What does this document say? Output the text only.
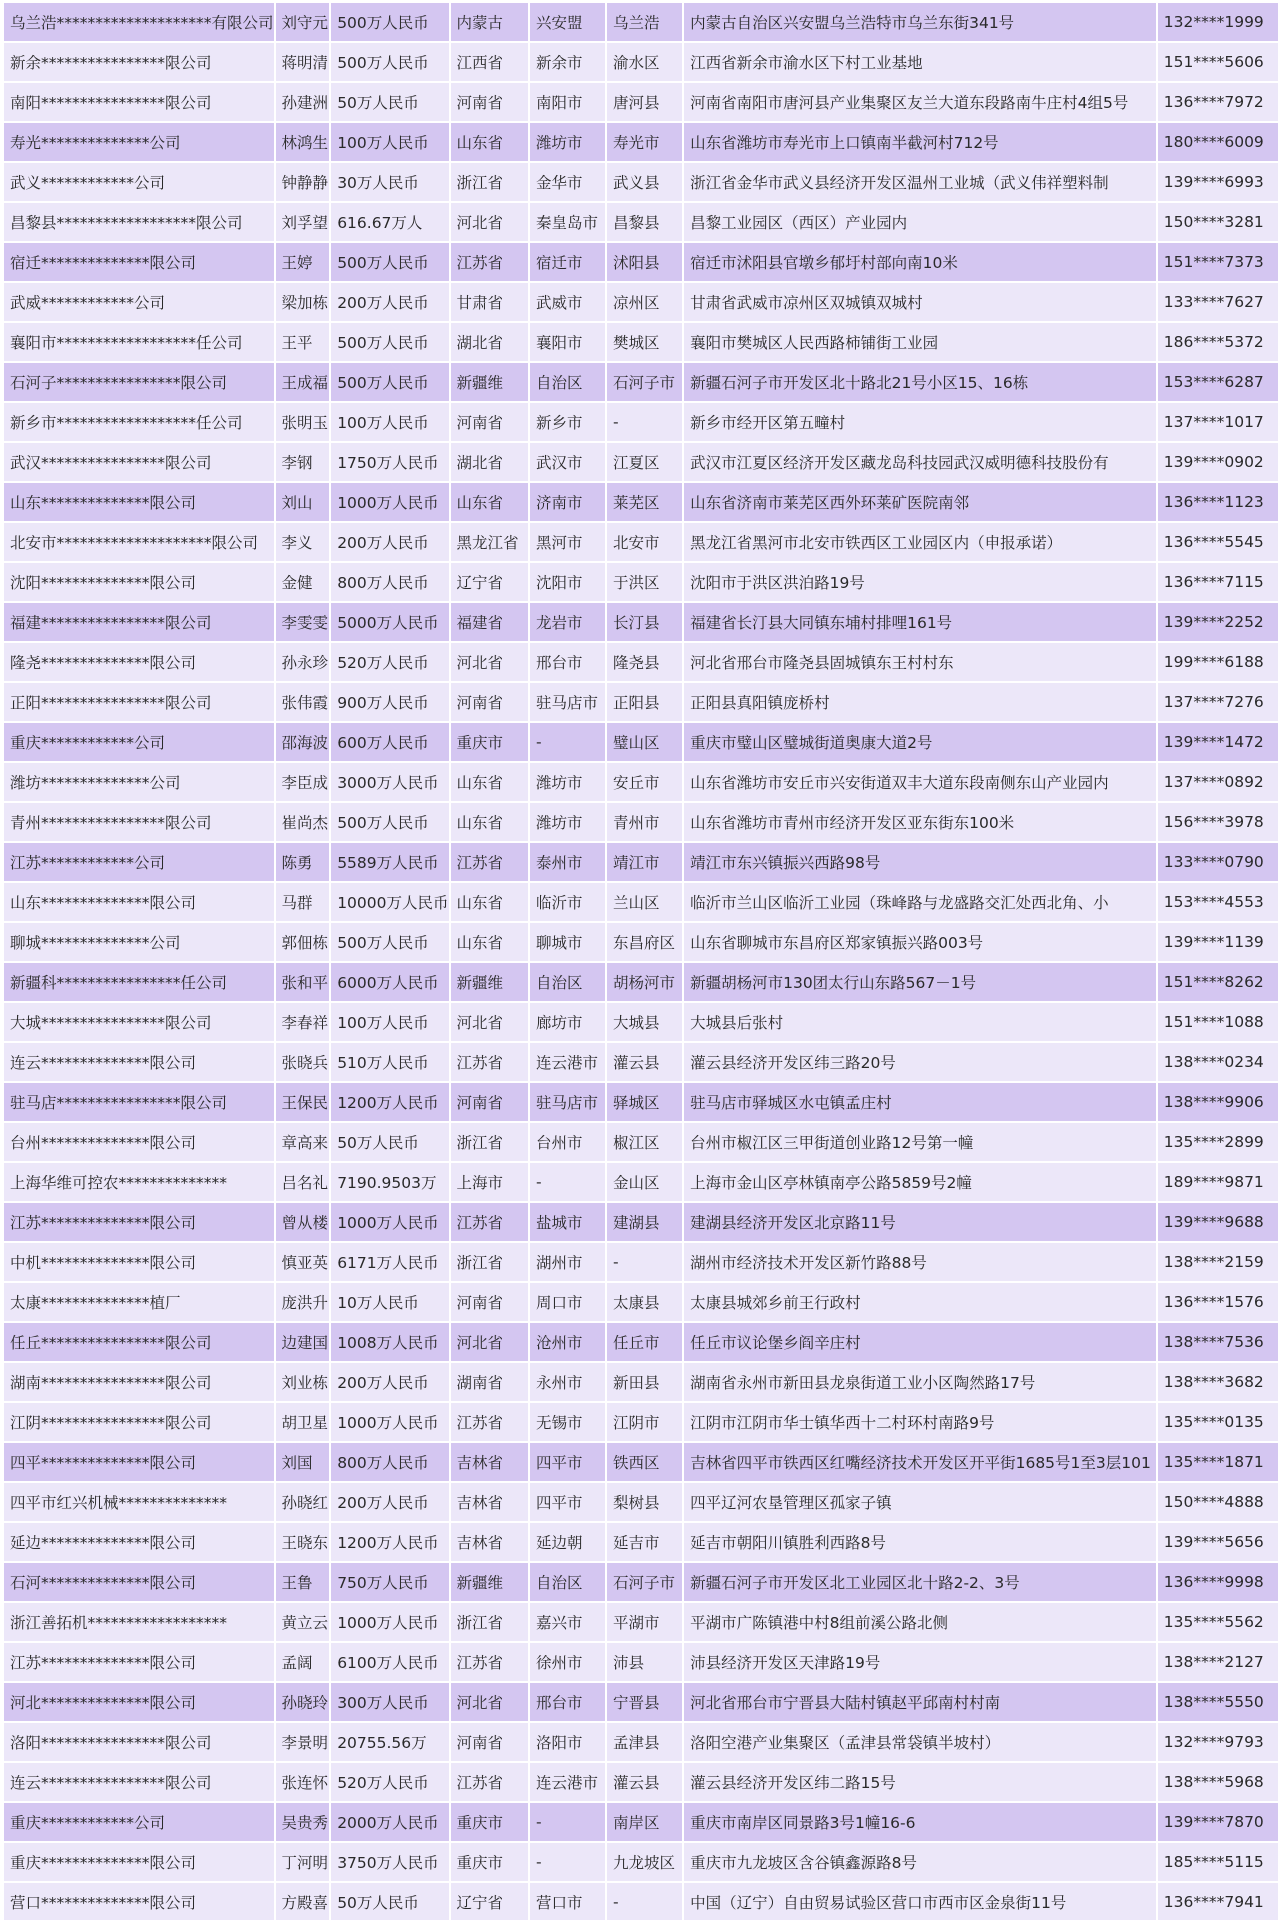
乌兰浩********************有限公司	刘守元	500万人民币	内蒙古	兴安盟	乌兰浩	内蒙古自治区兴安盟乌兰浩特市乌兰东街341号	132****1999
新余****************限公司	蒋明清	500万人民币	江西省	新余市	渝水区	江西省新余市渝水区下村工业基地	151****5606
南阳****************限公司	孙建洲	50万人民币	河南省	南阳市	唐河县	河南省南阳市唐河县产业集聚区友兰大道东段路南牛庄村4组5号	136****7972
寿光**************公司	林鸿生	100万人民币	山东省	潍坊市	寿光市	山东省潍坊市寿光市上口镇南半截河村712号	180****6009
武义************公司	钟静静	30万人民币	浙江省	金华市	武义县	浙江省金华市武义县经济开发区温州工业城（武义伟祥塑料制	139****6993
昌黎县******************限公司	刘孚望	616.67万人	河北省	秦皇岛市	昌黎县	昌黎工业园区（西区）产业园内	150****3281
宿迁**************限公司	王婷	500万人民币	江苏省	宿迁市	沭阳县	宿迁市沭阳县官墩乡郁圩村部向南10米	151****7373
武威************公司	梁加栋	200万人民币	甘肃省	武威市	凉州区	甘肃省武威市凉州区双城镇双城村	133****7627
襄阳市******************任公司	王平	500万人民币	湖北省	襄阳市	樊城区	襄阳市樊城区人民西路柿铺街工业园	186****5372
石河子****************限公司	王成福	500万人民币	新疆维	自治区	石河子市	新疆石河子市开发区北十路北21号小区15、16栋	153****6287
新乡市******************任公司	张明玉	100万人民币	河南省	新乡市	-	新乡市经开区第五疃村	137****1017
武汉****************限公司	李钢	1750万人民币	湖北省	武汉市	江夏区	武汉市江夏区经济开发区藏龙岛科技园武汉威明德科技股份有	139****0902
山东**************限公司	刘山	1000万人民币	山东省	济南市	莱芜区	山东省济南市莱芜区西外环莱矿医院南邻	136****1123
北安市********************限公司	李义	200万人民币	黑龙江省	黑河市	北安市	黑龙江省黑河市北安市铁西区工业园区内（申报承诺）	136****5545
沈阳**************限公司	金健	800万人民币	辽宁省	沈阳市	于洪区	沈阳市于洪区洪泊路19号	136****7115
福建****************限公司	李雯雯	5000万人民币	福建省	龙岩市	长汀县	福建省长汀县大同镇东埔村排哩161号	139****2252
隆尧**************限公司	孙永珍	520万人民币	河北省	邢台市	隆尧县	河北省邢台市隆尧县固城镇东王村村东	199****6188
正阳****************限公司	张伟霞	900万人民币	河南省	驻马店市	正阳县	正阳县真阳镇庞桥村	137****7276
重庆************公司	邵海波	600万人民币	重庆市	-	璧山区	重庆市璧山区璧城街道奥康大道2号	139****1472
潍坊**************公司	李臣成	3000万人民币	山东省	潍坊市	安丘市	山东省潍坊市安丘市兴安街道双丰大道东段南侧东山产业园内	137****0892
青州****************限公司	崔尚杰	500万人民币	山东省	潍坊市	青州市	山东省潍坊市青州市经济开发区亚东街东100米	156****3978
江苏************公司	陈勇	5589万人民币	江苏省	泰州市	靖江市	靖江市东兴镇振兴西路98号	133****0790
山东**************限公司	马群	10000万人民币	山东省	临沂市	兰山区	临沂市兰山区临沂工业园（珠峰路与龙盛路交汇处西北角、小	153****4553
聊城**************公司	郭佃栋	500万人民币	山东省	聊城市	东昌府区	山东省聊城市东昌府区郑家镇振兴路003号	139****1139
新疆科****************任公司	张和平	6000万人民币	新疆维	自治区	胡杨河市	新疆胡杨河市130团太行山东路567－1号	151****8262
大城****************限公司	李春祥	100万人民币	河北省	廊坊市	大城县	大城县后张村	151****1088
连云**************限公司	张晓兵	510万人民币	江苏省	连云港市	灌云县	灌云县经济开发区纬三路20号	138****0234
驻马店****************限公司	王保民	1200万人民币	河南省	驻马店市	驿城区	驻马店市驿城区水屯镇孟庄村	138****9906
台州**************限公司	章高来	50万人民币	浙江省	台州市	椒江区	台州市椒江区三甲街道创业路12号第一幢	135****2899
上海华维可控农**************	吕名礼	7190.9503万	上海市	-	金山区	上海市金山区亭林镇南亭公路5859号2幢	189****9871
江苏**************限公司	曾从楼	1000万人民币	江苏省	盐城市	建湖县	建湖县经济开发区北京路11号	139****9688
中机**************限公司	慎亚英	6171万人民币	浙江省	湖州市	-	湖州市经济技术开发区新竹路88号	138****2159
太康**************植厂	庞洪升	10万人民币	河南省	周口市	太康县	太康县城郊乡前王行政村	136****1576
任丘****************限公司	边建国	1008万人民币	河北省	沧州市	任丘市	任丘市议论堡乡阎辛庄村	138****7536
湖南****************限公司	刘业栋	200万人民币	湖南省	永州市	新田县	湖南省永州市新田县龙泉街道工业小区陶然路17号	138****3682
江阴****************限公司	胡卫星	1000万人民币	江苏省	无锡市	江阴市	江阴市江阴市华士镇华西十二村环村南路9号	135****0135
四平**************限公司	刘国	800万人民币	吉林省	四平市	铁西区	吉林省四平市铁西区红嘴经济技术开发区开平街1685号1至3层101	135****1871
四平市红兴机械**************	孙晓红	200万人民币	吉林省	四平市	梨树县	四平辽河农垦管理区孤家子镇	150****4888
延边**************限公司	王晓东	1200万人民币	吉林省	延边朝	延吉市	延吉市朝阳川镇胜利西路8号	139****5656
石河**************限公司	王鲁	750万人民币	新疆维	自治区	石河子市	新疆石河子市开发区北工业园区北十路2-2、3号	136****9998
浙江善拓机******************	黄立云	1000万人民币	浙江省	嘉兴市	平湖市	平湖市广陈镇港中村8组前溪公路北侧	135****5562
江苏**************限公司	孟阔	6100万人民币	江苏省	徐州市	沛县	沛县经济开发区天津路19号	138****2127
河北**************限公司	孙晓玲	300万人民币	河北省	邢台市	宁晋县	河北省邢台市宁晋县大陆村镇赵平邱南村村南	138****5550
洛阳****************限公司	李景明	20755.56万	河南省	洛阳市	孟津县	洛阳空港产业集聚区（孟津县常袋镇半坡村）	132****9793
连云****************限公司	张连怀	520万人民币	江苏省	连云港市	灌云县	灌云县经济开发区纬二路15号	138****5968
重庆************公司	吴贵秀	2000万人民币	重庆市	-	南岸区	重庆市南岸区同景路3号1幢16-6	139****7870
重庆**************限公司	丁河明	3750万人民币	重庆市	-	九龙坡区	重庆市九龙坡区含谷镇鑫源路8号	185****5115
营口**************限公司	方殿喜	50万人民币	辽宁省	营口市	-	中国（辽宁）自由贸易试验区营口市西市区金泉街11号	136****7941
